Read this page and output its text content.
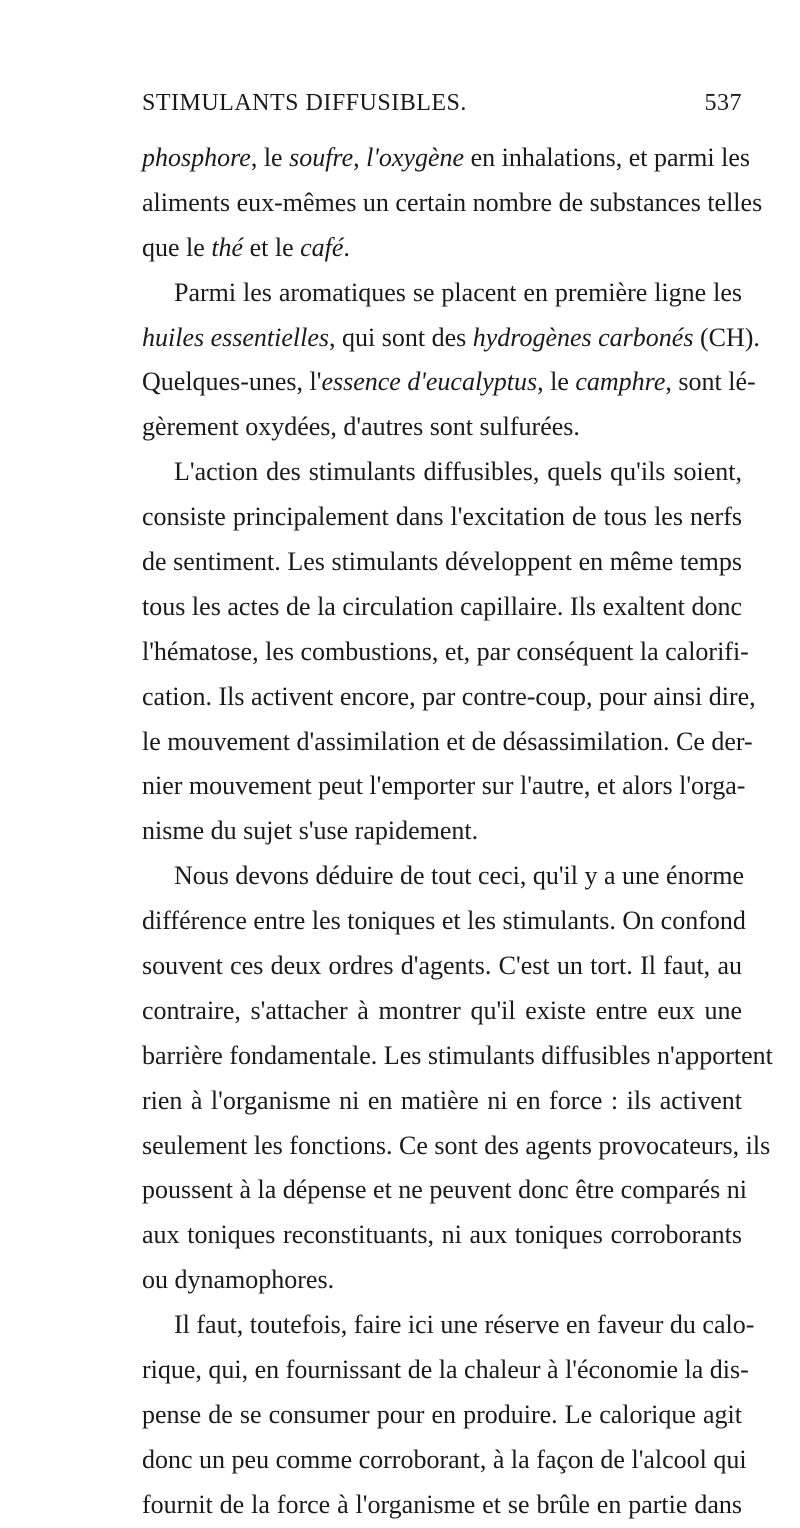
STIMULANTS DIFFUSIBLES.	537
phosphore, le soufre, l'oxygène en inhalations, et parmi les
aliments eux-mêmes un certain nombre de substances telles
que le thé et le café.
Parmi les aromatiques se placent en première ligne les
huiles essentielles, qui sont des hydrogènes carbonés (CH).
Quelques-unes, l'essence d'eucalyptus, le camphre, sont lé-
gèrement oxydées, d'autres sont sulfurées.
L'action des stimulants diffusibles, quels qu'ils soient,
consiste principalement dans l'excitation de tous les nerfs
de sentiment. Les stimulants développent en même temps
tous les actes de la circulation capillaire. Ils exaltent donc
l'hématose, les combustions, et, par conséquent la calorifi-
cation. Ils activent encore, par contre-coup, pour ainsi dire,
le mouvement d'assimilation et de désassimilation. Ce der-
nier mouvement peut l'emporter sur l'autre, et alors l'orga-
nisme du sujet s'use rapidement.
Nous devons déduire de tout ceci, qu'il y a une énorme
différence entre les toniques et les stimulants. On confond
souvent ces deux ordres d'agents. C'est un tort. Il faut, au
contraire, s'attacher à montrer qu'il existe entre eux une
barrière fondamentale. Les stimulants diffusibles n'apportent
rien à l'organisme ni en matière ni en force : ils activent
seulement les fonctions. Ce sont des agents provocateurs, ils
poussent à la dépense et ne peuvent donc être comparés ni
aux toniques reconstituants, ni aux toniques corroborants
ou dynamophores.
Il faut, toutefois, faire ici une réserve en faveur du calo-
rique, qui, en fournissant de la chaleur à l'économie la dis-
pense de se consumer pour en produire. Le calorique agit
donc un peu comme corroborant, à la façon de l'alcool qui
fournit de la force à l'organisme et se brûle en partie dans
